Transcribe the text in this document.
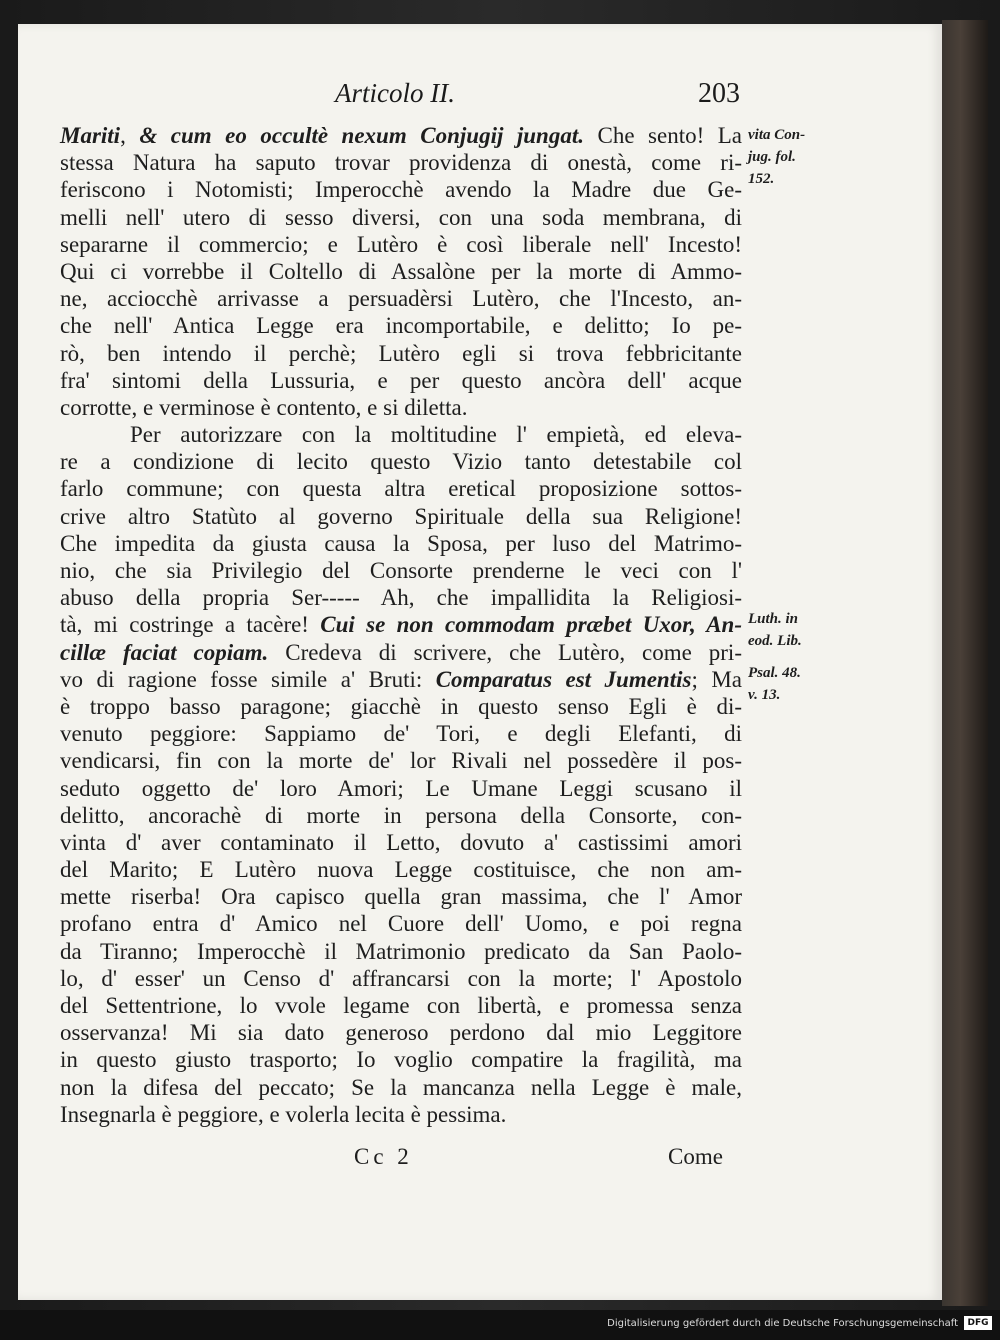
Articolo II.	203
Mariti, & cum eo occultè nexum Conjugij jungat. Che sento! La
stessa Natura ha saputo trovar providenza di onestà, come ri-
feriscono i Notomisti; Imperocchè avendo la Madre due Ge-
melli nell' utero di sesso diversi, con una soda membrana, di
separarne il commercio; e Lutèro è così liberale nell' Incesto!
Qui ci vorrebbe il Coltello di Assalòne per la morte di Ammo-
ne, acciocchè arrivasse a persuadèrsi Lutèro, che l'Incesto, an-
che nell' Antica Legge era incomportabile, e delitto; Io pe-
rò, ben intendo il perchè; Lutèro egli si trova febbricitante
fra' sintomi della Lussuria, e per questo ancòra dell' acque
corrotte, e verminose è contento, e si diletta.
Per autorizzare con la moltitudine l' empietà, ed eleva-
re a condizione di lecito questo Vizio tanto detestabile col
farlo commune; con questa altra eretical proposizione sottos-
crive altro Statùto al governo Spirituale della sua Religione!
Che impedita da giusta causa la Sposa, per luso del Matrimo-
nio, che sia Privilegio del Consorte prenderne le veci con l'
abuso della propria Ser----- Ah, che impallidita la Religiosi-
tà, mi costringe a tacère! Cui se non commodam præbet Uxor, An-
cillæ faciat copiam. Credeva di scrivere, che Lutèro, come pri-
vo di ragione fosse simile a' Bruti: Comparatus est Jumentis; Ma
è troppo basso paragone; giacchè in questo senso Egli è di-
venuto peggiore: Sappiamo de' Tori, e degli Elefanti, di
vendicarsi, fin con la morte de' lor Rivali nel possedère il pos-
seduto oggetto de' loro Amori; Le Umane Leggi scusano il
delitto, ancorachè di morte in persona della Consorte, con-
vinta d' aver contaminato il Letto, dovuto a' castissimi amori
del Marito; E Lutèro nuova Legge costituisce, che non am-
mette riserba! Ora capisco quella gran massima, che l' Amor
profano entra d' Amico nel Cuore dell' Uomo, e poi regna
da Tiranno; Imperocchè il Matrimonio predicato da San Paolo-
lo, d' esser' un Censo d' affrancarsi con la morte; l' Apostolo
del Settentrione, lo vvole legame con libertà, e promessa senza
osservanza! Mi sia dato generoso perdono dal mio Leggitore
in questo giusto trasporto; Io voglio compatire la fragilità, ma
non la difesa del peccato; Se la mancanza nella Legge è male,
Insegnarla è peggiore, e volerla lecita è pessima.
vita Con-
jug. fol.
152.
Luth. in
eod. Lib.
Psal. 48.
v. 13.
Cc 2	Come
Digitalisierung gefördert durch die Deutsche Forschungsgemeinschaft	DFG
